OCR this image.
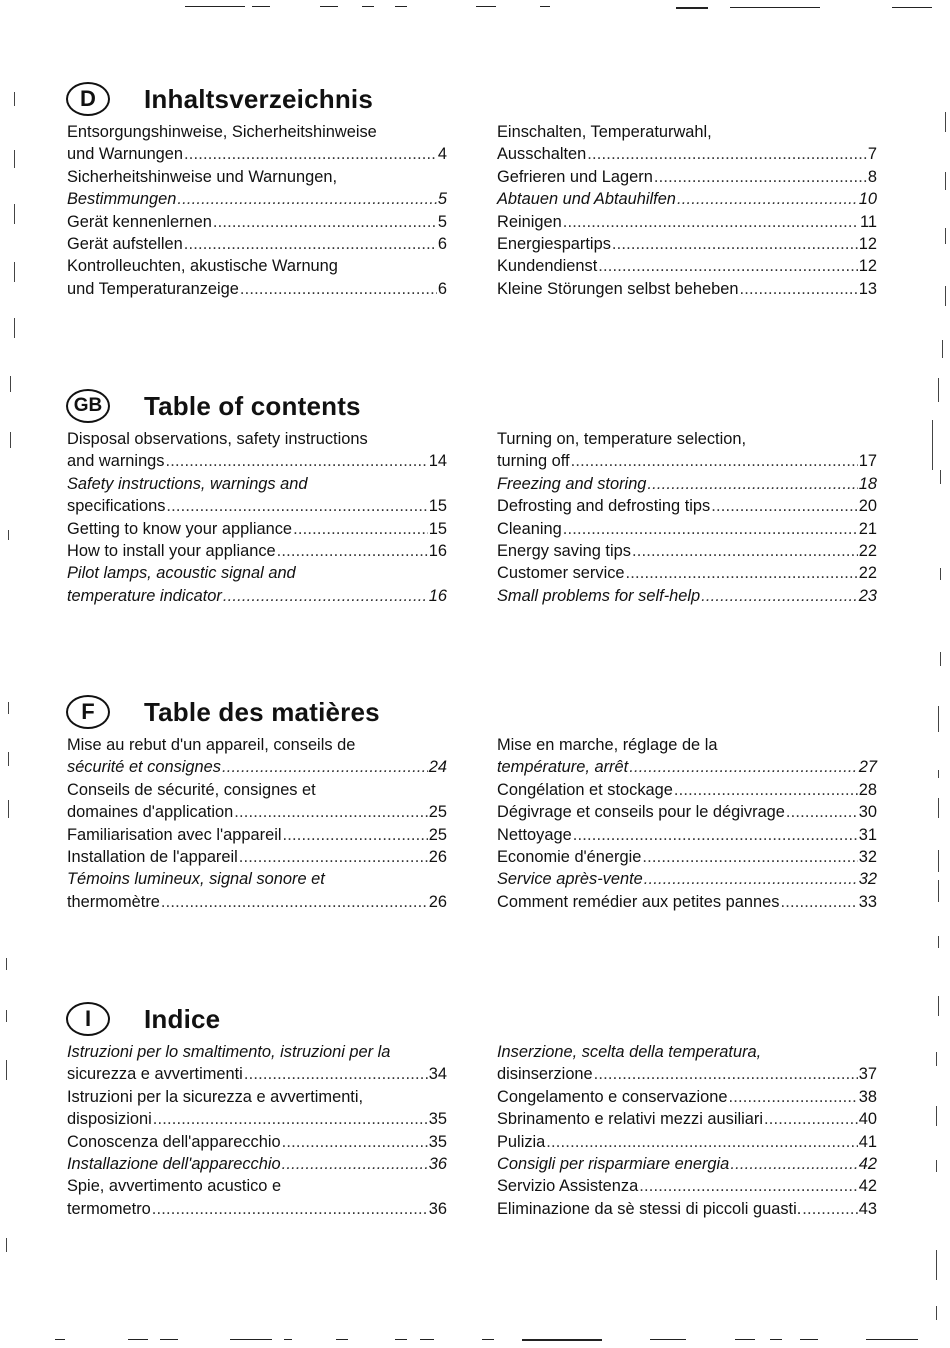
D	Inhaltsverzeichnis
Entsorgungshinweise, Sicherheitshinweise
und Warnungen .....	4
Sicherheitshinweise und Warnungen,
Bestimmungen .....	5
Gerät kennenlernen .....	5
Gerät aufstellen .....	6
Kontrolleuchten, akustische Warnung
und Temperaturanzeige .....	6
Einschalten, Temperaturwahl,
Ausschalten .....	7
Gefrieren und Lagern .....	8
Abtauen und Abtauhilfen .....	10
Reinigen .....	11
Energiespartips .....	12
Kundendienst .....	12
Kleine Störungen selbst beheben .....	13
GB Table of contents
Disposal observations, safety instructions
and warnings .....	14
Safety instructions, warnings and
specifications .....	15
Getting to know your appliance .....	15
How to install your appliance .....	16
Pilot lamps, acoustic signal and
temperature indicator .....	16
Turning on, temperature selection,
turning off .....	17
Freezing and storing .....	18
Defrosting and defrosting tips .....	20
Cleaning .....	21
Energy saving tips .....	22
Customer service .....	22
Small problems for self-help .....	23
F	Table des matières
Mise au rebut d'un appareil, conseils de
sécurité et consignes .....	24
Conseils de sécurité, consignes et
domaines d'application .....	25
Familiarisation avec l'appareil .....	25
Installation de l'appareil .....	26
Témoins lumineux, signal sonore et
thermomètre .....	26
Mise en marche, réglage de la
température, arrêt .....	27
Congélation et stockage .....	28
Dégivrage et conseils pour le dégivrage .....	30
Nettoyage .....	31
Economie d'énergie .....	32
Service après-vente .....	32
Comment remédier aux petites pannes .....	33
I	Indice
Istruzioni per lo smaltimento, istruzioni per la
sicurezza e avvertimenti .....	34
Istruzioni per la sicurezza e avvertimenti,
disposizioni .....	35
Conoscenza dell'apparecchio .....	35
Installazione dell'apparecchio .....	36
Spie, avvertimento acustico e
termometro .....	36
Inserzione, scelta della temperatura,
disinserzione .....	37
Congelamento e conservazione .....	38
Sbrinamento e relativi mezzi ausiliari .....	40
Pulizia .....	41
Consigli per risparmiare energia .....	42
Servizio Assistenza .....	42
Eliminazione da sè stessi di piccoli guasti. .....	43
